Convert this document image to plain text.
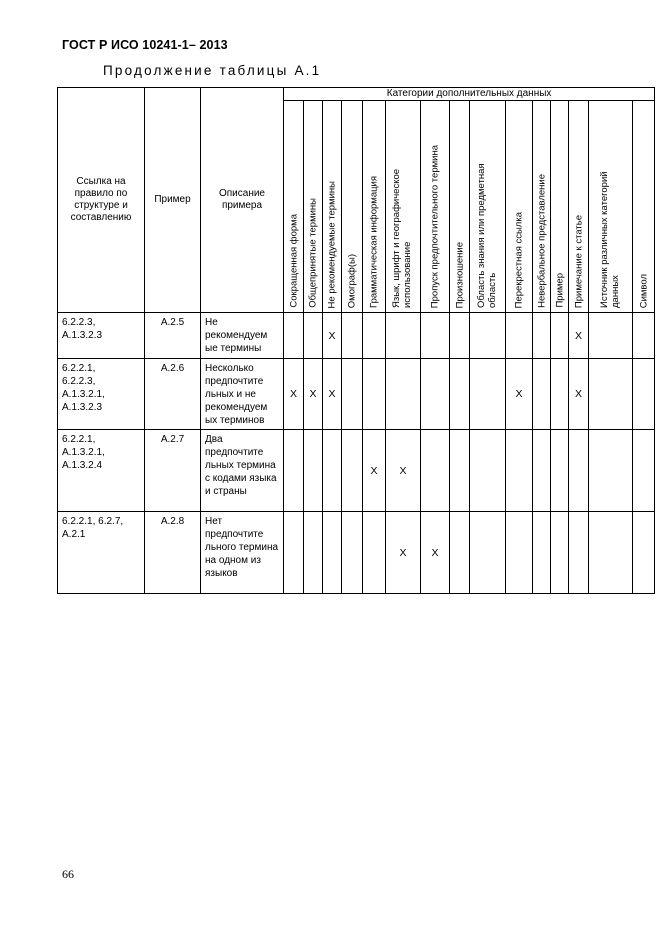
ГОСТ Р ИСО 10241-1– 2013
Продолжение таблицы А.1
Ссылка на правило по структуре и составлению	Пример	Описание примера	Категории дополнительных данных														

			Сокращенная форма	Общепринятые термины	Не рекомендуемые термины	Омограф(ы)	Грамматическая информация	Язык, шрифт и географическое использование	Пропуск предпочтительного термина	Произношение	Область знания или предметная область	Перекрестная ссылка	Невербальное представление	Пример	Примечание к статье	Источник различных категорий данных	Символ

6.2.2.3,
A.1.3.2.3	A.2.5	Не рекомендуем ые термины			X										X		
6.2.2.1,
6.2.2.3,
A.1.3.2.1,
A.1.3.2.3	A.2.6	Несколько предпочтите льных и не рекомендуем ых терминов	X	X	X							X			X		
6.2.2.1,
A.1.3.2.1,
A.1.3.2.4	A.2.7	Два предпочтите льных термина с кодами языка и страны					X	X									
6.2.2.1, 6.2.7,
A.2.1	A.2.8	Нет предпочтите льного термина на одном из языков						X	X								
66
